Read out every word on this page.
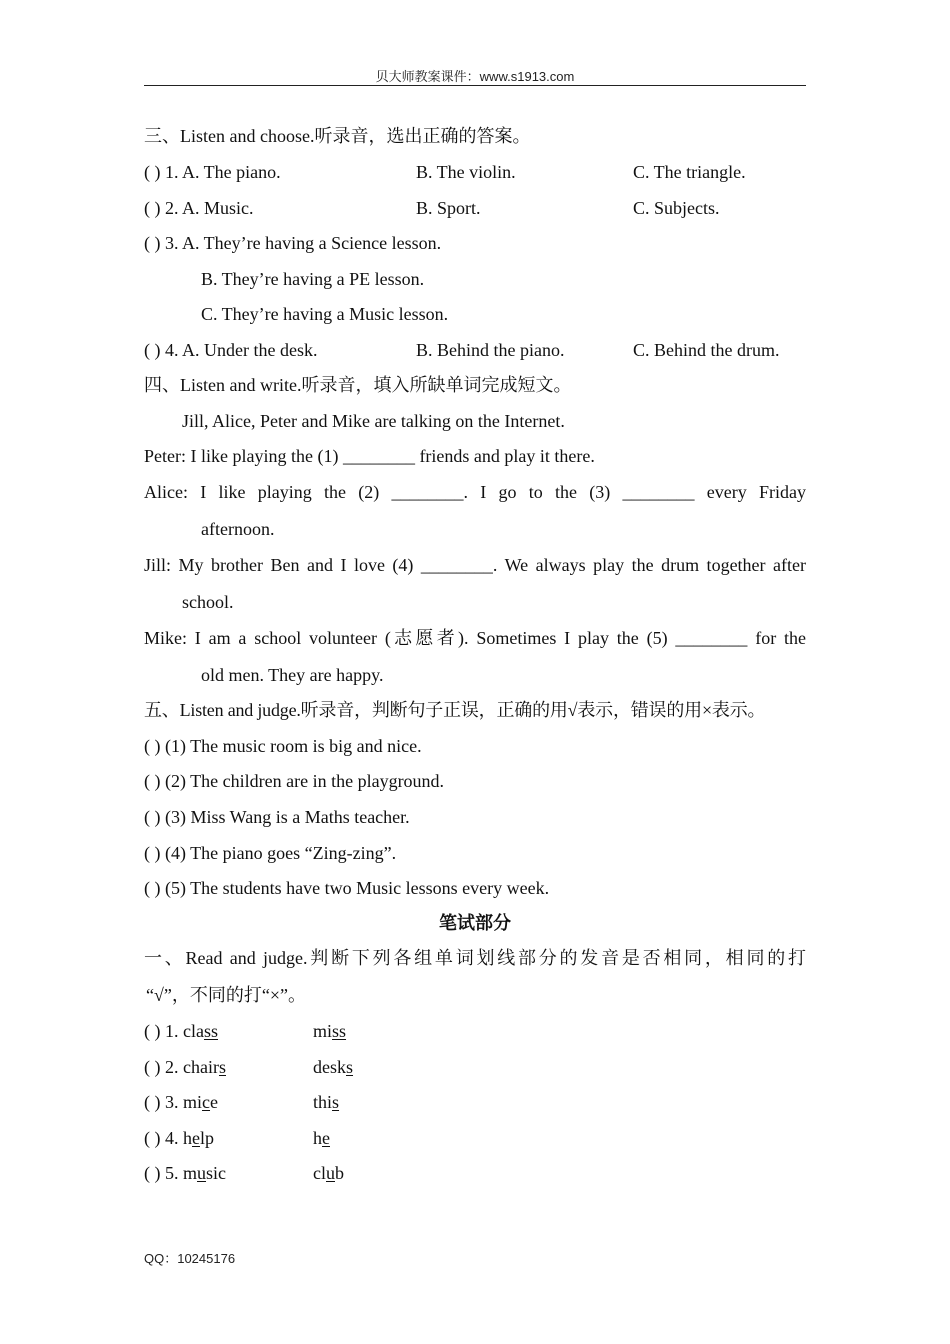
贝大师教案课件：www.s1913.com
三、Listen and choose.听录音，选出正确的答案。
( ) 1. A. The piano.	B. The violin.	C. The triangle.
( ) 2. A. Music.	B. Sport.	C. Subjects.
( ) 3. A. They’re having a Science lesson.
B. They’re having a PE lesson.
C. They’re having a Music lesson.
( ) 4. A. Under the desk.	B. Behind the piano.	C. Behind the drum.
四、Listen and write.听录音，填入所缺单词完成短文。
Jill, Alice, Peter and Mike are talking on the Internet.
Peter: I like playing the (1) ________ friends and play it there.
Alice: I like playing the (2) ________. I go to the (3) ________ every Friday
afternoon.
Jill: My brother Ben and I love (4) ________. We always play the drum together after
school.
Mike: I am a school volunteer (志愿者). Sometimes I play the (5) ________ for the
old men. They are happy.
五、Listen and judge.听录音，判断句子正误，正确的用√表示，错误的用×表示。
( ) (1) The music room is big and nice.
( ) (2) The children are in the playground.
( ) (3) Miss Wang is a Maths teacher.
( ) (4) The piano goes “Zing-zing”.
( ) (5) The students have two Music lessons every week.
笔试部分
一、Read and judge.判断下列各组单词划线部分的发音是否相同，相同的打
“√”，不同的打“×”。
( ) 1. class	miss
( ) 2. chairs	desks
( ) 3. mice	this
( ) 4. help	he
( ) 5. music	club
QQ：10245176
